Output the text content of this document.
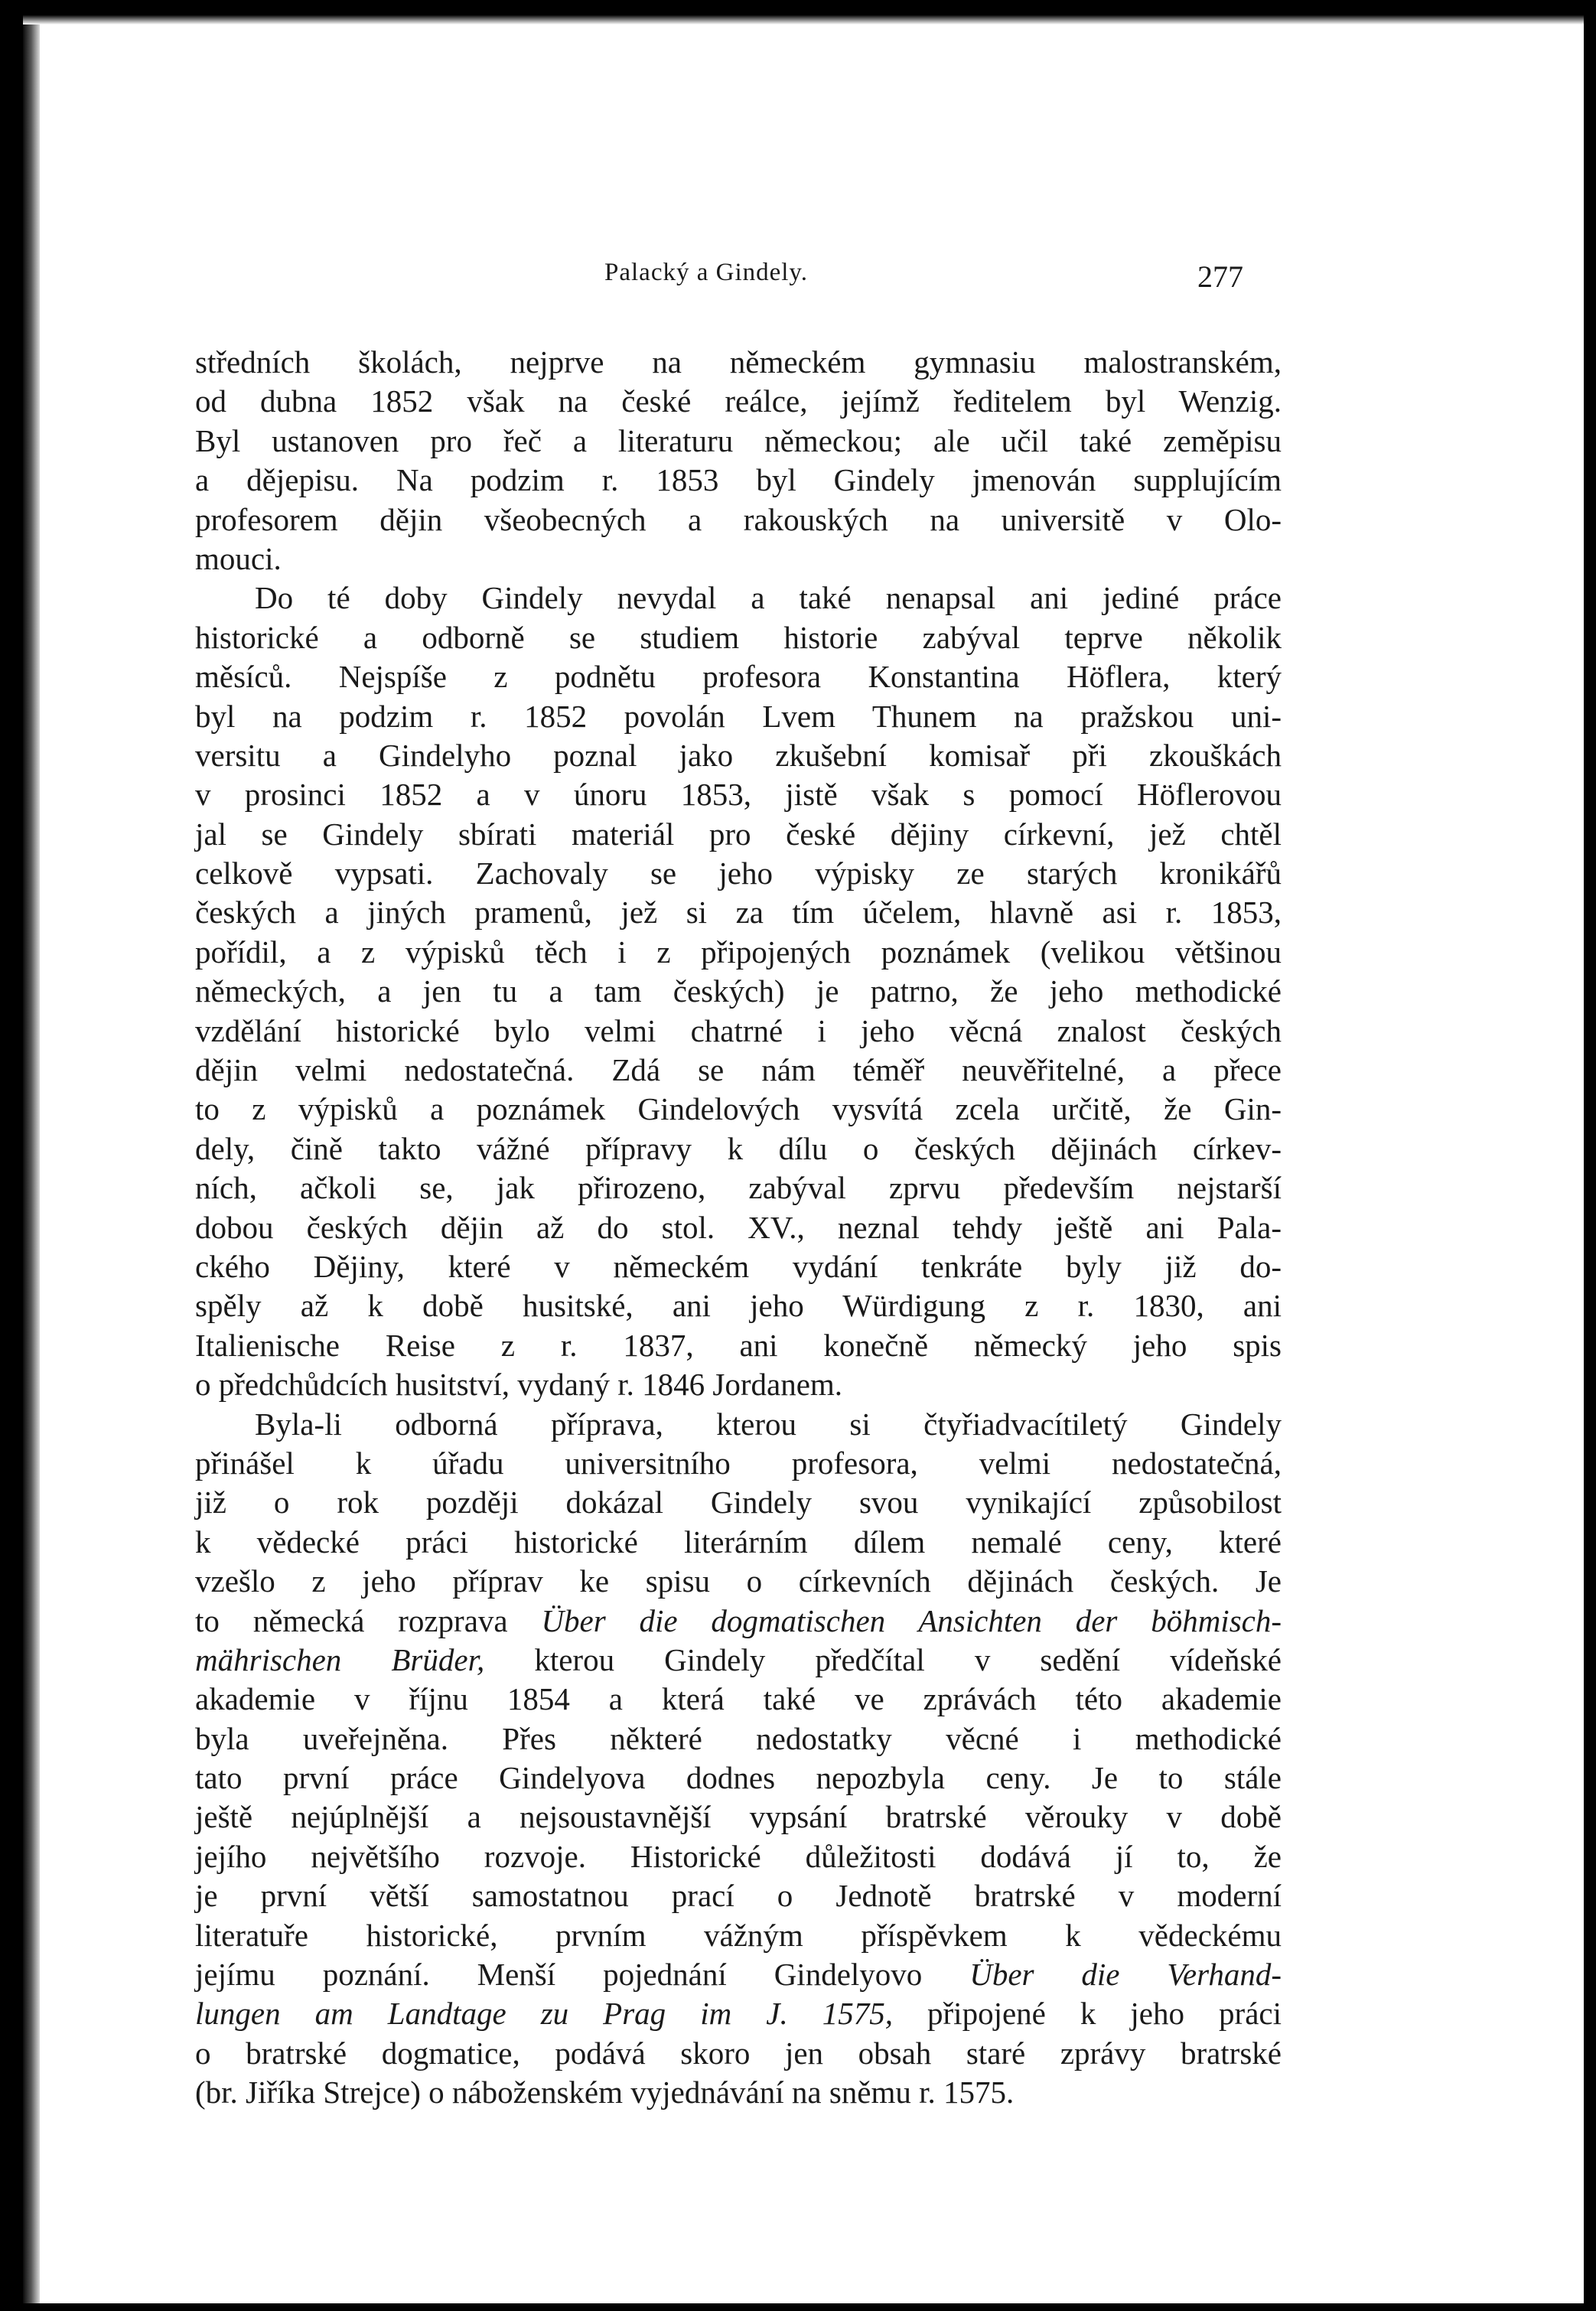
Palacký a Gindely.	277
středních školách, nejprve na německém gymnasiu malostranském,
od dubna 1852 však na české reálce, jejímž ředitelem byl Wenzig.
Byl ustanoven pro řeč a literaturu německou; ale učil také zeměpisu
a dějepisu. Na podzim r. 1853 byl Gindely jmenován supplujícím
profesorem dějin všeobecných a rakouských na universitě v Olo-
mouci.
Do té doby Gindely nevydal a také nenapsal ani jediné práce
historické a odborně se studiem historie zabýval teprve několik
měsíců. Nejspíše z podnětu profesora Konstantina Höflera, který
byl na podzim r. 1852 povolán Lvem Thunem na pražskou uni-
versitu a Gindelyho poznal jako zkušební komisař při zkouškách
v prosinci 1852 a v únoru 1853, jistě však s pomocí Höflerovou
jal se Gindely sbírati materiál pro české dějiny církevní, jež chtěl
celkově vypsati. Zachovaly se jeho výpisky ze starých kronikářů
českých a jiných pramenů, jež si za tím účelem, hlavně asi r. 1853,
pořídil, a z výpisků těch i z připojených poznámek (velikou většinou
německých, a jen tu a tam českých) je patrno, že jeho methodické
vzdělání historické bylo velmi chatrné i jeho věcná znalost českých
dějin velmi nedostatečná. Zdá se nám téměř neuvěřitelné, a přece
to z výpisků a poznámek Gindelových vysvítá zcela určitě, že Gin-
dely, čině takto vážné přípravy k dílu o českých dějinách církev-
ních, ačkoli se, jak přirozeno, zabýval zprvu především nejstarší
dobou českých dějin až do stol. XV., neznal tehdy ještě ani Pala-
ckého Dějiny, které v německém vydání tenkráte byly již do-
spěly až k době husitské, ani jeho Würdigung z r. 1830, ani
Italienische Reise z r. 1837, ani konečně německý jeho spis
o předchůdcích husitství, vydaný r. 1846 Jordanem.
Byla-li odborná příprava, kterou si čtyřiadvacítiletý Gindely
přinášel k úřadu universitního profesora, velmi nedostatečná,
již o rok později dokázal Gindely svou vynikající způsobilost
k vědecké práci historické literárním dílem nemalé ceny, které
vzešlo z jeho příprav ke spisu o církevních dějinách českých. Je
to německá rozprava Über die dogmatischen Ansichten der böhmisch-
mährischen Brüder, kterou Gindely předčítal v sedění vídeňské
akademie v říjnu 1854 a která také ve zprávách této akademie
byla uveřejněna. Přes některé nedostatky věcné i methodické
tato první práce Gindelyova dodnes nepozbyla ceny. Je to stále
ještě nejúplnější a nejsoustavnější vypsání bratrské věrouky v době
jejího největšího rozvoje. Historické důležitosti dodává jí to, že
je první větší samostatnou prací o Jednotě bratrské v moderní
literatuře historické, prvním vážným příspěvkem k vědeckému
jejímu poznání. Menší pojednání Gindelyovo Über die Verhand-
lungen am Landtage zu Prag im J. 1575, připojené k jeho práci
o bratrské dogmatice, podává skoro jen obsah staré zprávy bratrské
(br. Jiříka Strejce) o náboženském vyjednávání na sněmu r. 1575.
